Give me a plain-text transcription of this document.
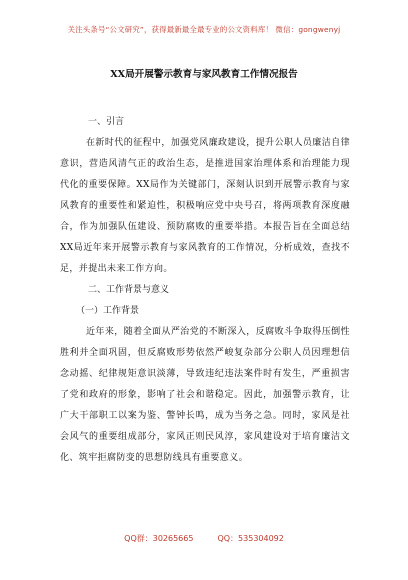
关注头条号“公文研究”，获得最新最全最专业的公文资料库！ 微信：gongwenyj
XX局开展警示教育与家风教育工作情况报告
一、引言

在新时代的征程中，加强党风廉政建设，提升公职人员廉洁自律意识，营造风清气正的政治生态，是推进国家治理体系和治理能力现代化的重要保障。XX局作为关键部门，深刻认识到开展警示教育与家风教育的重要性和紧迫性，积极响应党中央号召，将两项教育深度融合，作为加强队伍建设、预防腐败的重要举措。本报告旨在全面总结XX局近年来开展警示教育与家风教育的工作情况，分析成效，查找不足，并提出未来工作方向。

二、工作背景与意义
（一）工作背景

近年来，随着全面从严治党的不断深入，反腐败斗争取得压倒性胜利并全面巩固，但反腐败形势依然严峻复杂部分公职人员因理想信念动摇、纪律规矩意识淡薄，导致违纪违法案件时有发生，严重损害了党和政府的形象，影响了社会和谐稳定。因此，加强警示教育，让广大干部职工以案为鉴、警钟长鸣，成为当务之急。同时，家风是社会风气的重要组成部分，家风正则民风淳，家风建设对于培育廉洁文化、筑牢拒腐防变的思想防线具有重要意义。

QQ群：30265665	QQ：535304092
